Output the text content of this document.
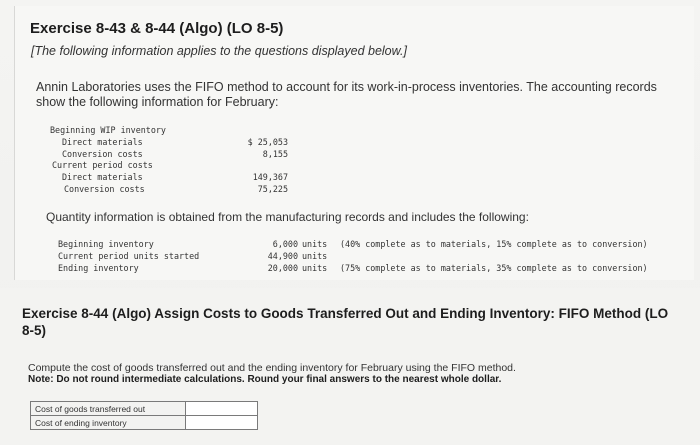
Exercise 8-43 & 8-44 (Algo) (LO 8-5)
[The following information applies to the questions displayed below.]
Annin Laboratories uses the FIFO method to account for its work-in-process inventories. The accounting records show the following information for February:
Beginning WIP inventory
Direct materials	$ 25,053
Conversion costs	8,155
Current period costs
Direct materials	149,367
Conversion costs	75,225
Quantity information is obtained from the manufacturing records and includes the following:
Beginning inventory	6,000 units (40% complete as to materials, 15% complete as to conversion)
Current period units started	44,900 units
Ending inventory	20,000 units (75% complete as to materials, 35% complete as to conversion)
Exercise 8-44 (Algo) Assign Costs to Goods Transferred Out and Ending Inventory: FIFO Method (LO 8-5)
Compute the cost of goods transferred out and the ending inventory for February using the FIFO method.
Note: Do not round intermediate calculations. Round your final answers to the nearest whole dollar.
Cost of goods transferred out	
Cost of ending inventory	
